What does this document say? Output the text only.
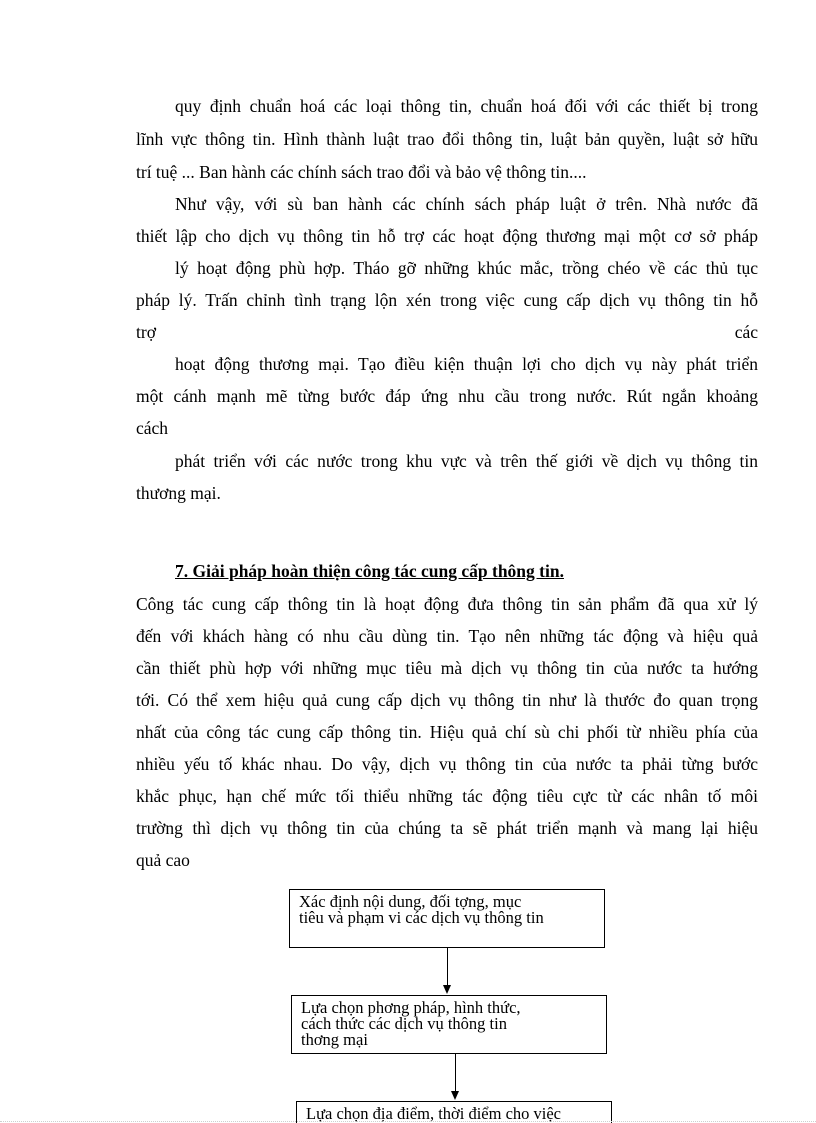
quy định chuẩn hoá các loại thông tin, chuẩn hoá đối với các thiết bị trong
lĩnh vực thông tin. Hình thành luật trao đổi thông tin, luật bản quyền, luật sở hữu
trí tuệ ... Ban hành các chính sách trao đổi và bảo vệ thông tin....
Như vậy, với sù ban hành các chính sách pháp luật ở trên. Nhà nước đã
thiết lập cho dịch vụ thông tin hỗ trợ các hoạt động thương mại một cơ sở pháp
lý hoạt động phù hợp. Tháo gỡ những khúc mắc, trồng chéo về các thủ tục
pháp lý. Trấn chỉnh tình trạng lộn xén trong việc cung cấp dịch vụ thông tin hỗ
trợ	các
hoạt động thương mại. Tạo điều kiện thuận lợi cho dịch vụ này phát triển
một cánh mạnh mẽ từng bước đáp ứng nhu cầu trong nước. Rút ngắn khoảng
cách
phát triển với các nước trong khu vực và trên thế giới về dịch vụ thông tin
thương mại.
7. Giải pháp hoàn thiện công tác cung cấp thông tin.
Công tác cung cấp thông tin là hoạt động đưa thông tin sản phẩm đã qua xử lý
đến với khách hàng có nhu cầu dùng tin. Tạo nên những tác động và hiệu quả
cần thiết phù hợp với những mục tiêu mà dịch vụ thông tin của nước ta hướng
tới. Có thể xem hiệu quả cung cấp dịch vụ thông tin như là thước đo quan trọng
nhất của công tác cung cấp thông tin. Hiệu quả chí sù chi phối từ nhiều phía của
nhiều yếu tố khác nhau. Do vậy, dịch vụ thông tin của nước ta phải từng bước
khắc phục, hạn chế mức tối thiểu những tác động tiêu cực từ các nhân tố môi
trường thì dịch vụ thông tin của chúng ta sẽ phát triển mạnh và mang lại hiệu
quả cao
Xác định nội dung, đối tợng, mục
tiêu và phạm vi các dịch vụ thông tin
Lựa chọn phơng pháp, hình thức,
cách thức các dịch vụ thông tin
thơng mại
Lựa chọn địa điểm, thời điểm cho việc
